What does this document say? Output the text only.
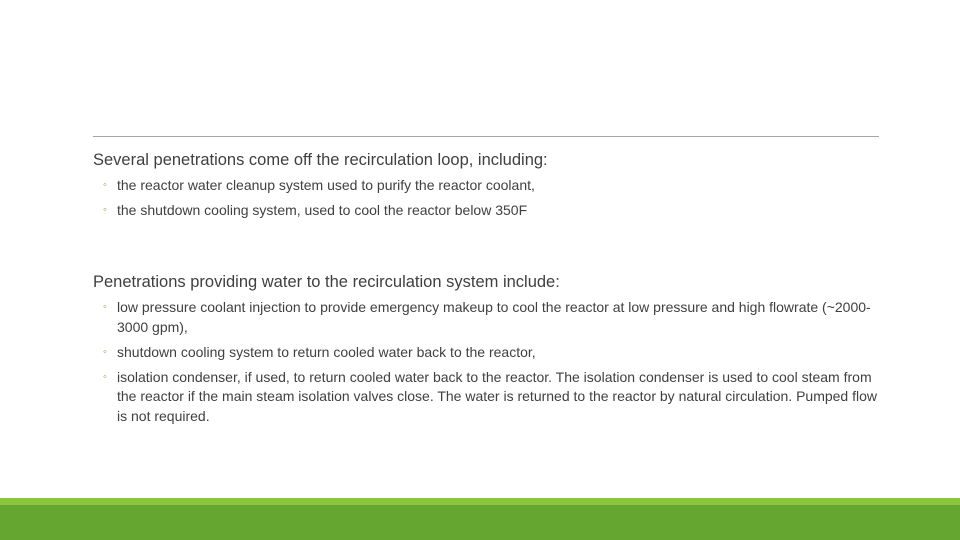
Several penetrations come off the recirculation loop, including:
◦ the reactor water cleanup system used to purify the reactor coolant,
◦ the shutdown cooling system, used to cool the reactor below 350F
Penetrations providing water to the recirculation system include:
◦ low pressure coolant injection to provide emergency makeup to cool the reactor at low pressure and high flowrate (~2000-3000 gpm),
◦ shutdown cooling system to return cooled water back to the reactor,
◦ isolation condenser, if used, to return cooled water back to the reactor. The isolation condenser is used to cool steam from the reactor if the main steam isolation valves close. The water is returned to the reactor by natural circulation. Pumped flow is not required.
